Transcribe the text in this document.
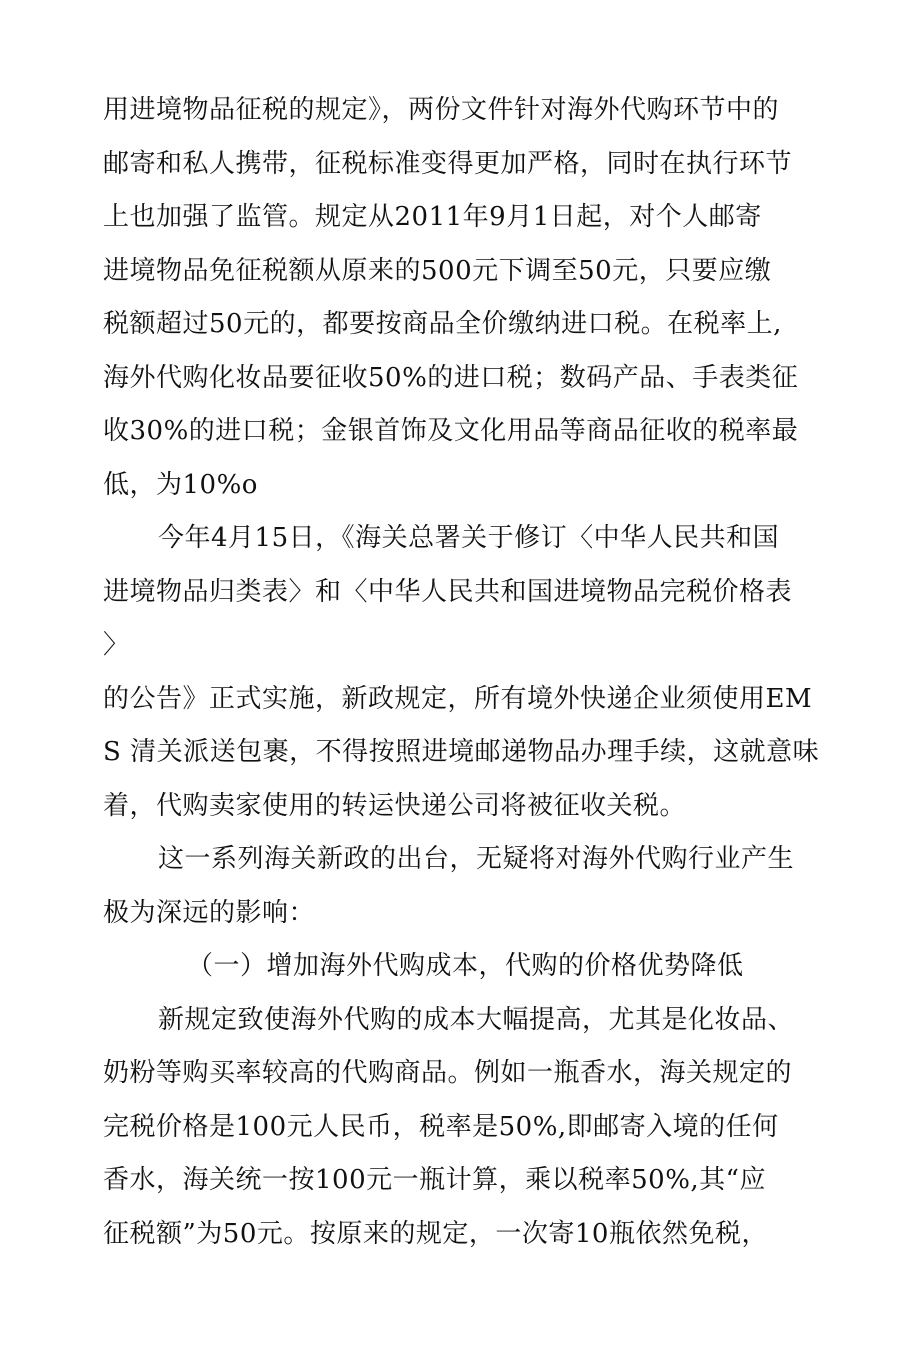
用进境物品征税的规定》，两份文件针对海外代购环节中的
邮寄和私人携带，征税标准变得更加严格，同时在执行环节
上也加强了监管。规定从2011年9月1日起，对个人邮寄
进境物品免征税额从原来的500元下调至50元，只要应缴
税额超过50元的，都要按商品全价缴纳进口税。在税率上,
海外代购化妆品要征收50%的进口税；数码产品、手表类征
收30%的进口税；金银首饰及文化用品等商品征收的税率最
低，为10%o
今年4月15日，《海关总署关于修订〈中华人民共和国
进境物品归类表〉和〈中华人民共和国进境物品完税价格表
〉
的公告》正式实施，新政规定，所有境外快递企业须使用EM
S 清关派送包裹，不得按照进境邮递物品办理手续，这就意味
着，代购卖家使用的转运快递公司将被征收关税。
这一系列海关新政的出台，无疑将对海外代购行业产生
极为深远的影响：
（一）增加海外代购成本，代购的价格优势降低
新规定致使海外代购的成本大幅提高，尤其是化妆品、
奶粉等购买率较高的代购商品。例如一瓶香水，海关规定的
完税价格是100元人民币，税率是50%,即邮寄入境的任何
香水，海关统一按100元一瓶计算，乘以税率50%,其“应
征税额”为50元。按原来的规定，一次寄10瓶依然免税，
